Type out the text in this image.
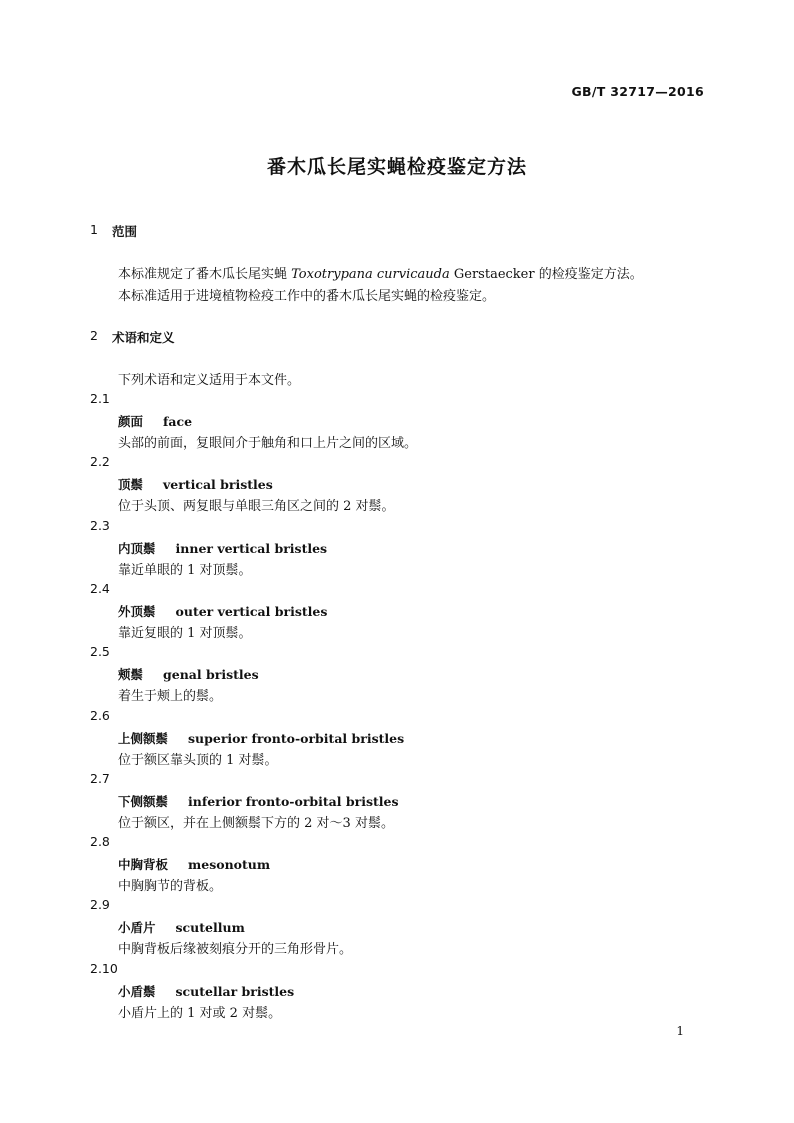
GB/T 32717—2016
番木瓜长尾实蝇检疫鉴定方法
1 范围
本标准规定了番木瓜长尾实蝇 Toxotrypana curvicauda Gerstaecker 的检疫鉴定方法。
本标准适用于进境植物检疫工作中的番木瓜长尾实蝇的检疫鉴定。
2 术语和定义
下列术语和定义适用于本文件。
2.1
颜面 face
头部的前面，复眼间介于触角和口上片之间的区域。
2.2
顶鬃 vertical bristles
位于头顶、两复眼与单眼三角区之间的 2 对鬃。
2.3
内顶鬃 inner vertical bristles
靠近单眼的 1 对顶鬃。
2.4
外顶鬃 outer vertical bristles
靠近复眼的 1 对顶鬃。
2.5
颊鬃 genal bristles
着生于颊上的鬃。
2.6
上侧额鬃 superior fronto-orbital bristles
位于额区靠头顶的 1 对鬃。
2.7
下侧额鬃 inferior fronto-orbital bristles
位于额区，并在上侧额鬃下方的 2 对～3 对鬃。
2.8
中胸背板 mesonotum
中胸胸节的背板。
2.9
小盾片 scutellum
中胸背板后缘被刻痕分开的三角形骨片。
2.10
小盾鬃 scutellar bristles
小盾片上的 1 对或 2 对鬃。
1
